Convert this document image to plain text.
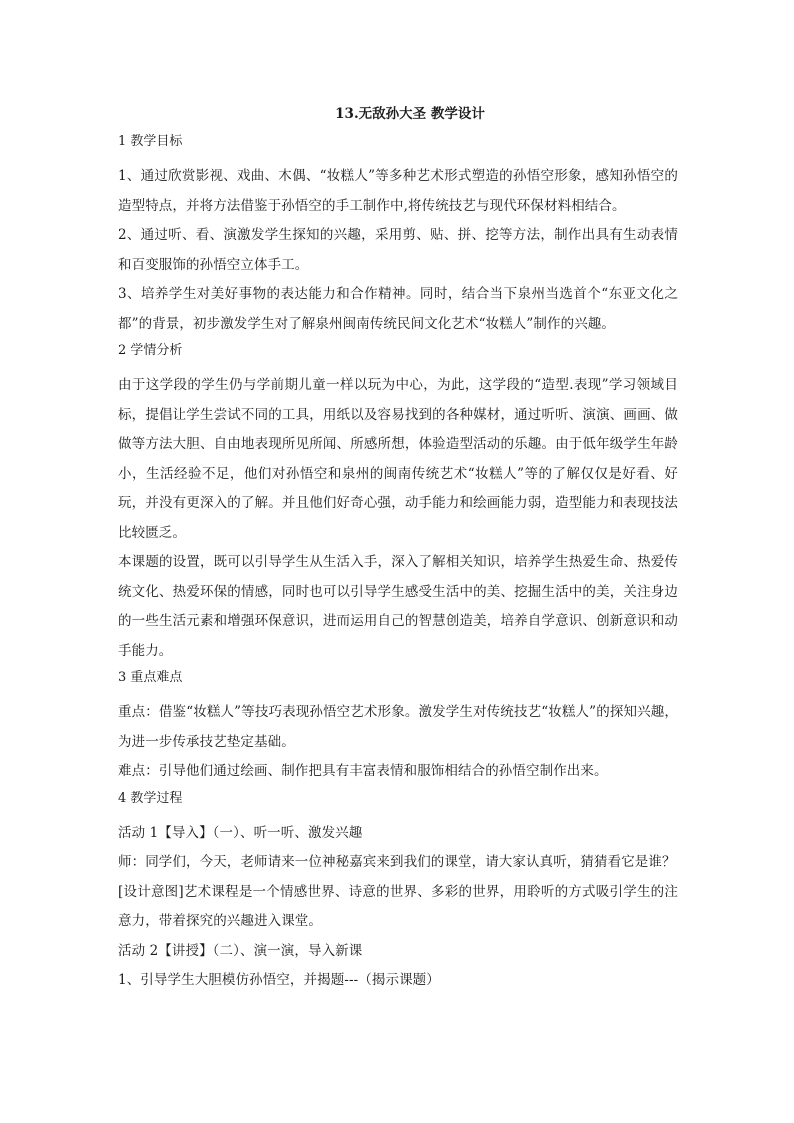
13.无敌孙大圣 教学设计
1 教学目标

1、通过欣赏影视、戏曲、木偶、“妆糕人”等多种艺术形式塑造的孙悟空形象，感知孙悟空的造型特点，并将方法借鉴于孙悟空的手工制作中,将传统技艺与现代环保材料相结合。

2、通过听、看、演激发学生探知的兴趣，采用剪、贴、拼、挖等方法，制作出具有生动表情和百变服饰的孙悟空立体手工。

3、培养学生对美好事物的表达能力和合作精神。同时，结合当下泉州当选首个“东亚文化之都”的背景，初步激发学生对了解泉州闽南传统民间文化艺术“妆糕人”制作的兴趣。

2 学情分析

由于这学段的学生仍与学前期儿童一样以玩为中心，为此，这学段的“造型.表现”学习领域目标，提倡让学生尝试不同的工具，用纸以及容易找到的各种媒材，通过听听、演演、画画、做做等方法大胆、自由地表现所见所闻、所感所想，体验造型活动的乐趣。由于低年级学生年龄小，生活经验不足，他们对孙悟空和泉州的闽南传统艺术“妆糕人”等的了解仅仅是好看、好玩，并没有更深入的了解。并且他们好奇心强，动手能力和绘画能力弱，造型能力和表现技法比较匮乏。

本课题的设置，既可以引导学生从生活入手，深入了解相关知识，培养学生热爱生命、热爱传统文化、热爱环保的情感，同时也可以引导学生感受生活中的美、挖掘生活中的美，关注身边的一些生活元素和增强环保意识，进而运用自己的智慧创造美，培养自学意识、创新意识和动手能力。

3 重点难点

重点：借鉴“妆糕人”等技巧表现孙悟空艺术形象。激发学生对传统技艺“妆糕人”的探知兴趣，为进一步传承技艺垫定基础。

难点：引导他们通过绘画、制作把具有丰富表情和服饰相结合的孙悟空制作出来。

4 教学过程

活动 1【导入】（一）、听一听、激发兴趣

师：同学们，今天，老师请来一位神秘嘉宾来到我们的课堂，请大家认真听，猜猜看它是谁？

[设计意图]艺术课程是一个情感世界、诗意的世界、多彩的世界，用聆听的方式吸引学生的注意力，带着探究的兴趣进入课堂。

活动 2【讲授】（二）、演一演，导入新课

1、引导学生大胆模仿孙悟空，并揭题---（揭示课题）
